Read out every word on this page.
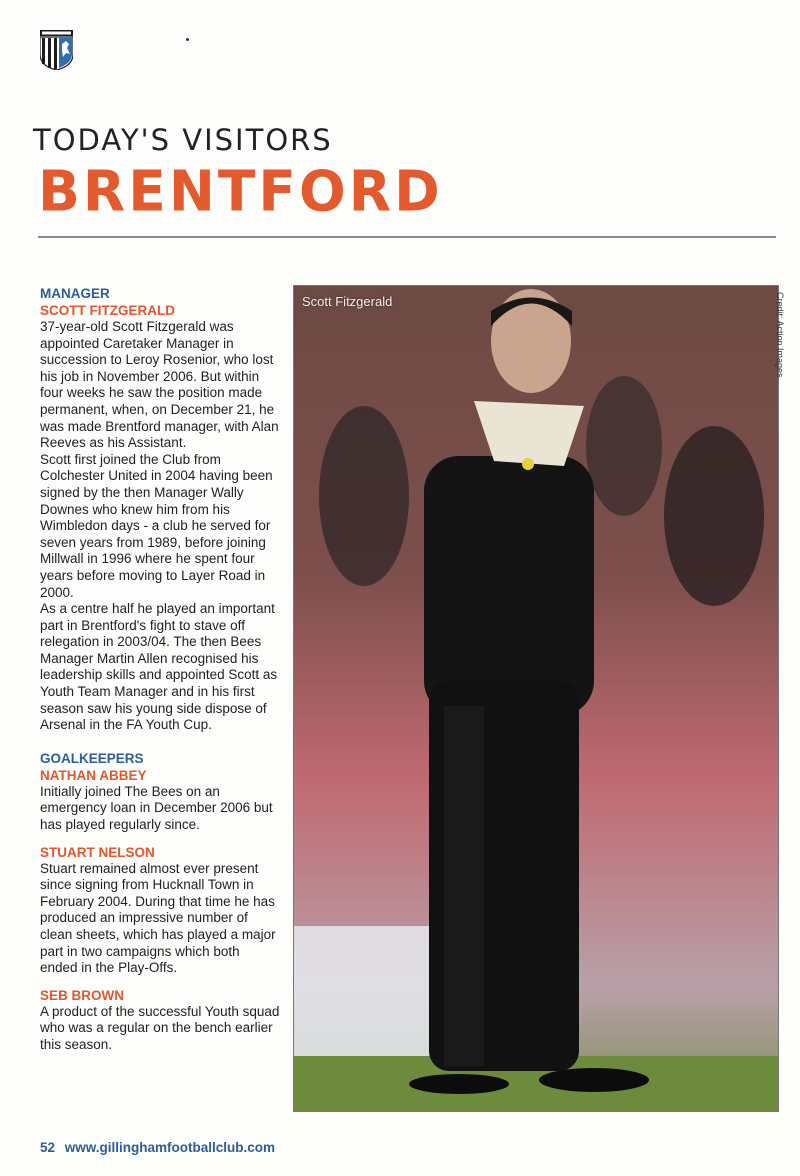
TODAY'S VISITORS
BRENTFORD

MANAGER

SCOTT FITZGERALD

37-year-old Scott Fitzgerald was appointed Caretaker Manager in succession to Leroy Rosenior, who lost his job in November 2006. But within four weeks he saw the position made permanent, when, on December 21, he was made Brentford manager, with Alan Reeves as his Assistant.

Scott first joined the Club from Colchester United in 2004 having been signed by the then Manager Wally Downes who knew him from his Wimbledon days - a club he served for seven years from 1989, before joining Millwall in 1996 where he spent four years before moving to Layer Road in 2000.

As a centre half he played an important part in Brentford's fight to stave off relegation in 2003/04. The then Bees Manager Martin Allen recognised his leadership skills and appointed Scott as Youth Team Manager and in his first season saw his young side dispose of Arsenal in the FA Youth Cup.

GOALKEEPERS

NATHAN ABBEY

Initially joined The Bees on an emergency loan in December 2006 but has played regularly since.

STUART NELSON

Stuart remained almost ever present since signing from Hucknall Town in February 2004. During that time he has produced an impressive number of clean sheets, which has played a major part in two campaigns which both ended in the Play-Offs.

SEB BROWN

A product of the successful Youth squad who was a regular on the bench earlier this season.

Scott Fitzgerald	Credit: Action Images
52 www.gillinghamfootballclub.com
